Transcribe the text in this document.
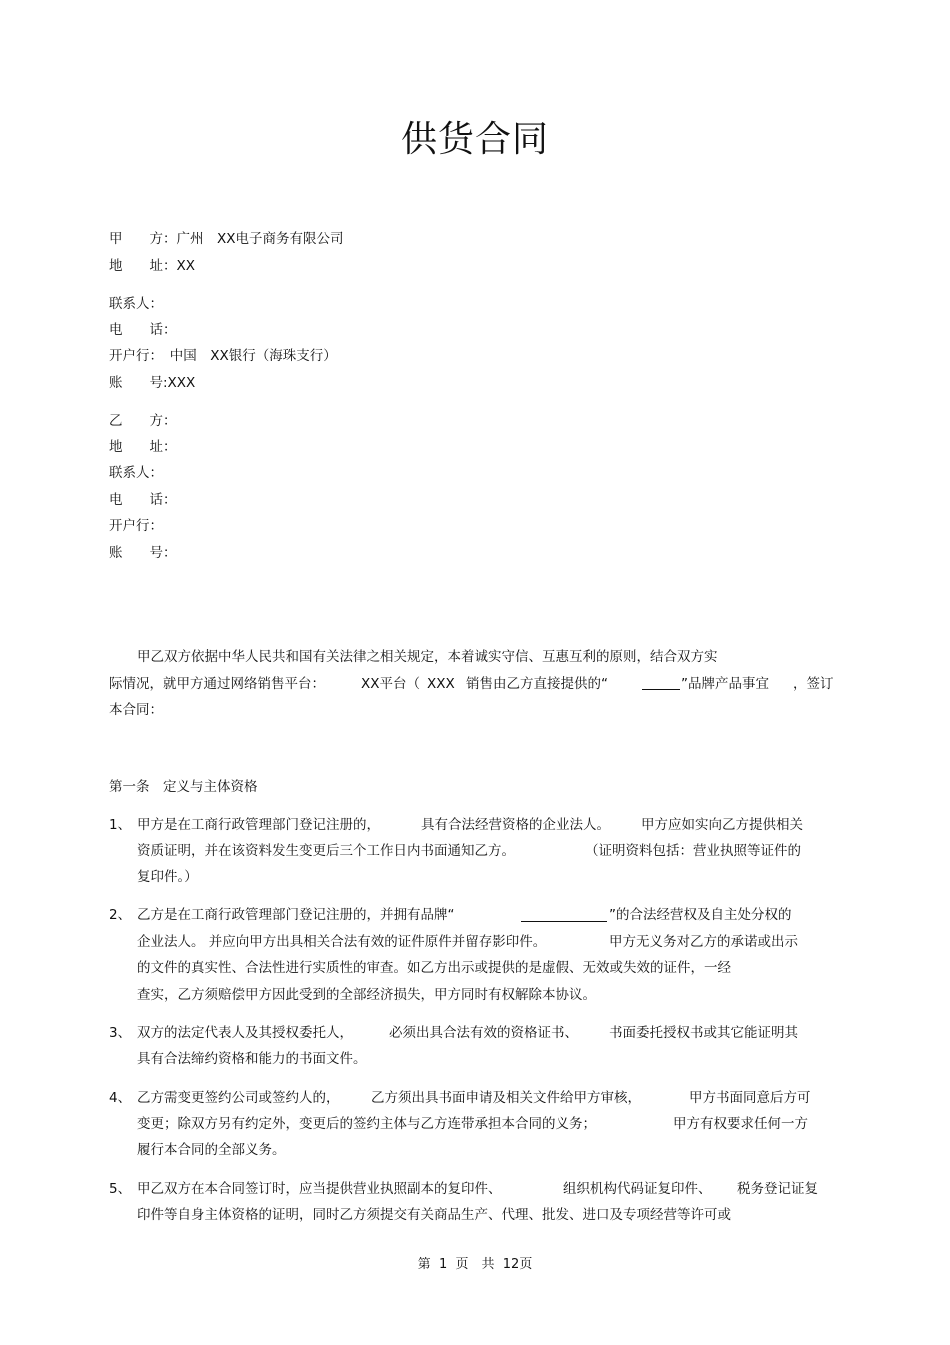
供货合同
甲　　方：广州　XX电子商务有限公司
地　　址：XX
联系人：
电　　话：
开户行：　中国　XX银行（海珠支行）
账　　号:XXX
乙　　方：
地　　址：
联系人：
电　　话：
开户行：
账　　号：
甲乙双方依据中华人民共和国有关法律之相关规定，本着诚实守信、互惠互利的原则，结合双方实
际情况，就甲方通过网络销售平台：	XX平台（ XXX 销售由乙方直接提供的“	”品牌产品事宜 ，签订
本合同：
第一条　定义与主体资格
1、 甲方是在工商行政管理部门登记注册的，	具有合法经营资格的企业法人。 甲方应如实向乙方提供相关
资质证明，并在该资料发生变更后三个工作日内书面通知乙方。	（证明资料包括：营业执照等证件的
复印件。）
2、 乙方是在工商行政管理部门登记注册的，并拥有品牌“	”的合法经营权及自主处分权的
企业法人。 并应向甲方出具相关合法有效的证件原件并留存影印件。	甲方无义务对乙方的承诺或出示
的文件的真实性、合法性进行实质性的审查。如乙方出示或提供的是虚假、无效或失效的证件，一经
查实，乙方须赔偿甲方因此受到的全部经济损失，甲方同时有权解除本协议。
3、 双方的法定代表人及其授权委托人，	必须出具合法有效的资格证书、 书面委托授权书或其它能证明其
具有合法缔约资格和能力的书面文件。
4、 乙方需变更签约公司或签约人的， 乙方须出具书面申请及相关文件给甲方审核，	甲方书面同意后方可
变更；除双方另有约定外，变更后的签约主体与乙方连带承担本合同的义务；	甲方有权要求任何一方
履行本合同的全部义务。
5、 甲乙双方在本合同签订时，应当提供营业执照副本的复印件、	组织机构代码证复印件、 税务登记证复
印件等自身主体资格的证明，同时乙方须提交有关商品生产、代理、批发、进口及专项经营等许可或
第 1 页　共 12页
